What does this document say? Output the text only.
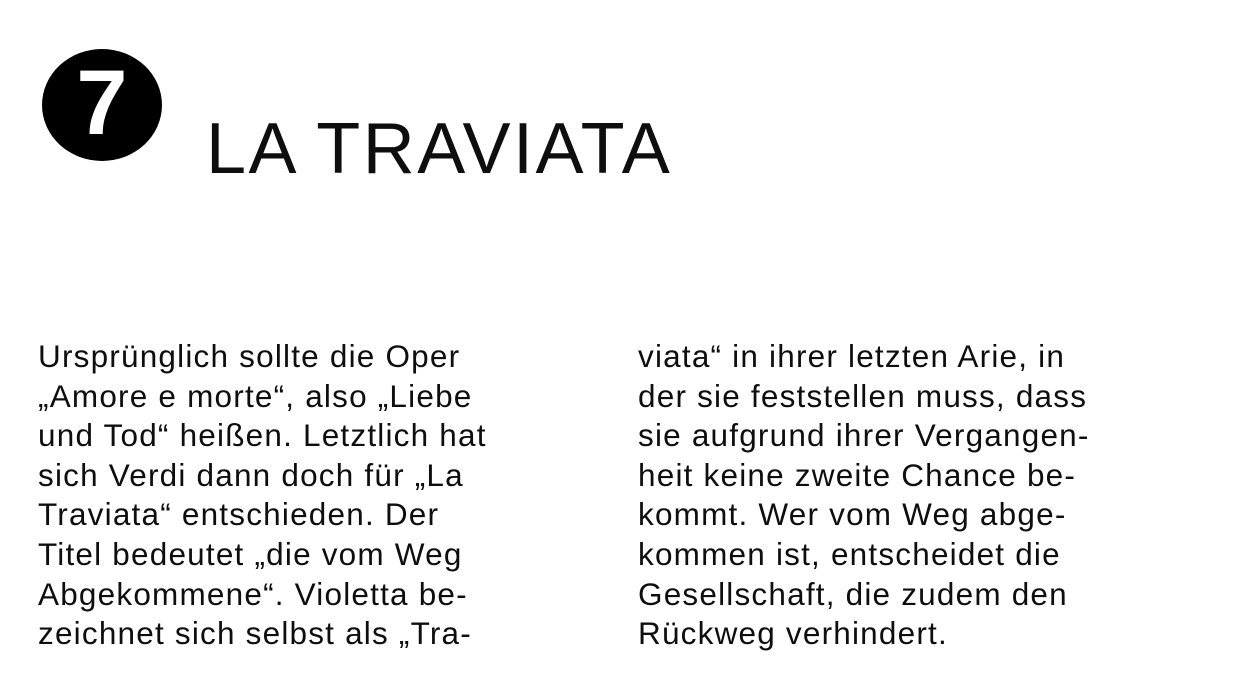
7 LA TRAVIATA
Ursprünglich sollte die Oper
„Amore e morte“, also „Liebe
und Tod“ heißen. Letztlich hat
sich Verdi dann doch für „La
Traviata“ entschieden. Der
Titel bedeutet „die vom Weg
Abgekommene“. Violetta be-
zeichnet sich selbst als „Tra-
viata“ in ihrer letzten Arie, in
der sie feststellen muss, dass
sie aufgrund ihrer Vergangen-
heit keine zweite Chance be-
kommt. Wer vom Weg abge-
kommen ist, entscheidet die
Gesellschaft, die zudem den
Rückweg verhindert.
